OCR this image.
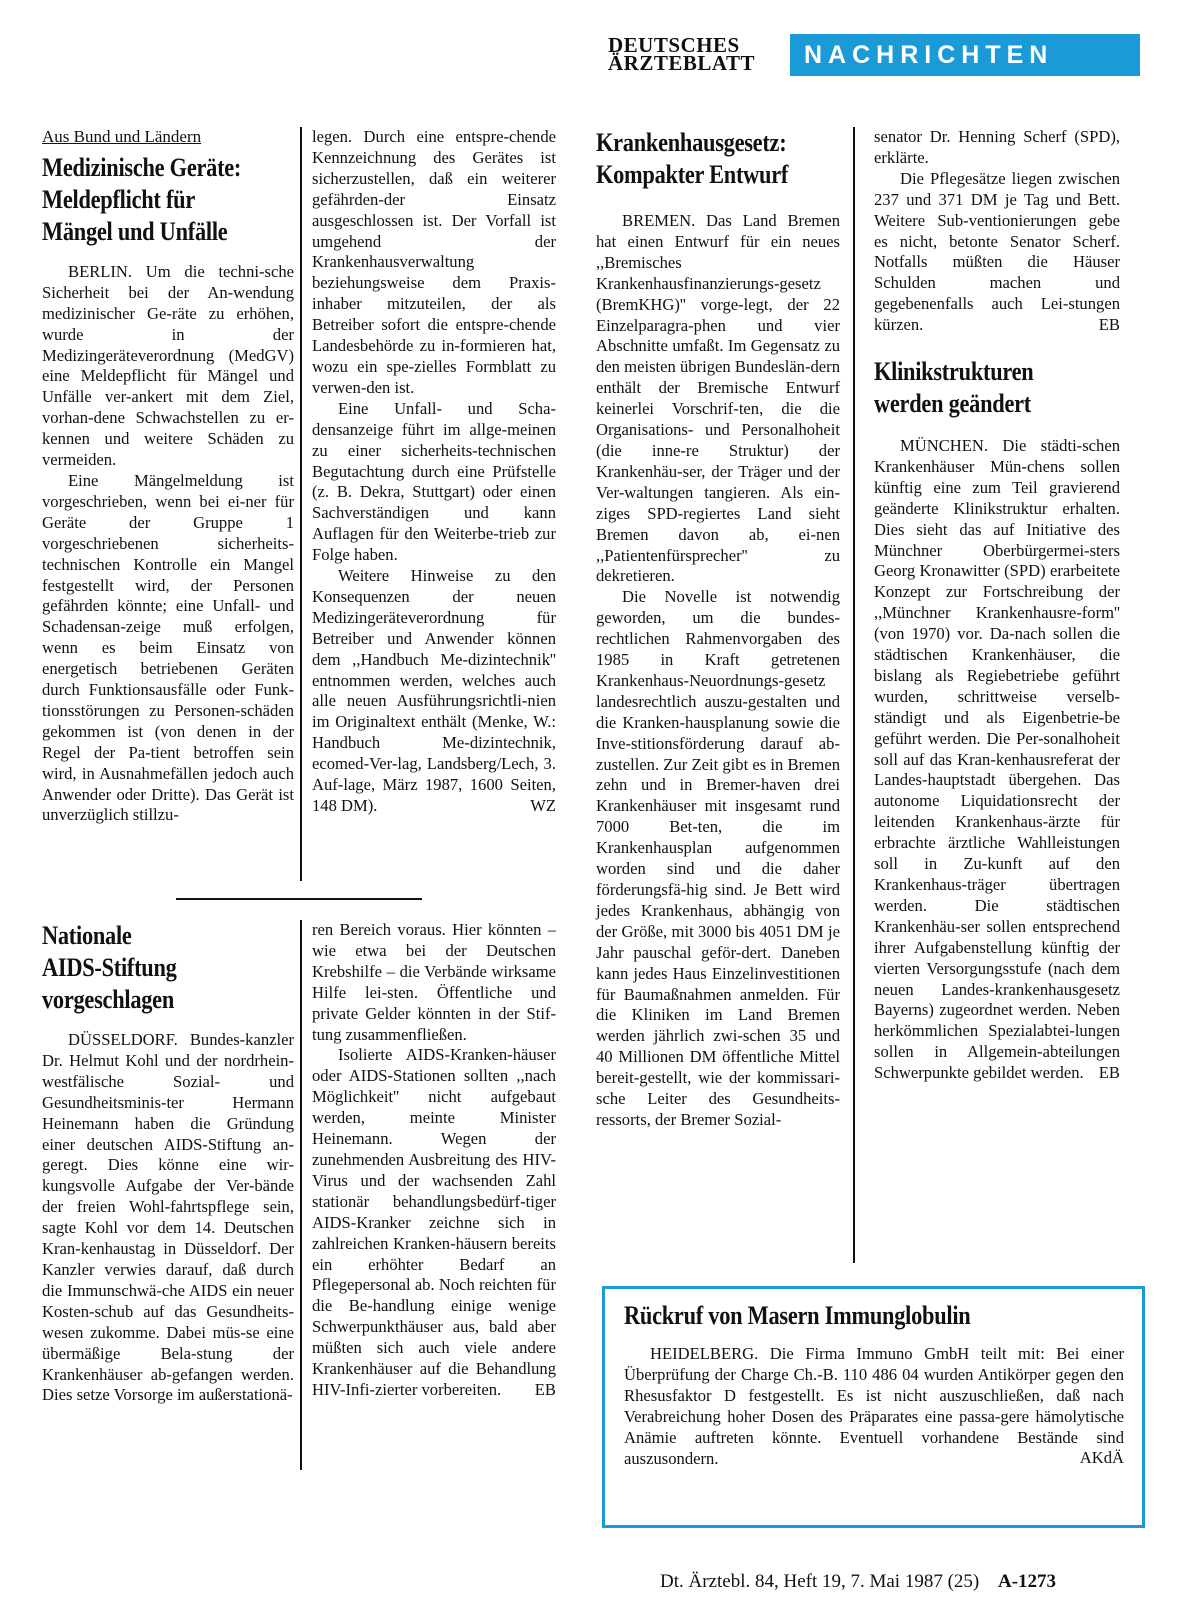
DEUTSCHES
ÄRZTEBLATT	NACHRICHTEN
Aus Bund und Ländern
Medizinische Geräte:
Meldepflicht für
Mängel und Unfälle

BERLIN. Um die techni-sche Sicherheit bei der An-wendung medizinischer Ge-räte zu erhöhen, wurde in der Medizingeräteverordnung (MedGV) eine Meldepflicht für Mängel und Unfälle ver-ankert mit dem Ziel, vorhan-dene Schwachstellen zu er-kennen und weitere Schäden zu vermeiden.

Eine Mängelmeldung ist vorgeschrieben, wenn bei ei-ner für Geräte der Gruppe 1 vorgeschriebenen sicherheits-technischen Kontrolle ein Mangel festgestellt wird, der Personen gefährden könnte; eine Unfall- und Schadensan-zeige muß erfolgen, wenn es beim Einsatz von energetisch betriebenen Geräten durch Funktionsausfälle oder Funk-tionsstörungen zu Personen-schäden gekommen ist (von denen in der Regel der Pa-tient betroffen sein wird, in Ausnahmefällen jedoch auch Anwender oder Dritte). Das Gerät ist unverzüglich stillzu-

legen. Durch eine entspre-chende Kennzeichnung des Gerätes ist sicherzustellen, daß ein weiterer gefährden-der Einsatz ausgeschlossen ist. Der Vorfall ist umgehend der Krankenhausverwaltung beziehungsweise dem Praxis-inhaber mitzuteilen, der als Betreiber sofort die entspre-chende Landesbehörde zu in-formieren hat, wozu ein spe-zielles Formblatt zu verwen-den ist.

Eine Unfall- und Scha-densanzeige führt im allge-meinen zu einer sicherheits-technischen Begutachtung durch eine Prüfstelle (z. B. Dekra, Stuttgart) oder einen Sachverständigen und kann Auflagen für den Weiterbe-trieb zur Folge haben.

Weitere Hinweise zu den Konsequenzen der neuen Medizingeräteverordnung für Betreiber und Anwender können dem ,,Handbuch Me-dizintechnik'' entnommen werden, welches auch alle neuen Ausführungsrichtli-nien im Originaltext enthält (Menke, W.: Handbuch Me-dizintechnik, ecomed-Ver-lag, Landsberg/Lech, 3. Auf-lage, März 1987, 1600 Seiten, 148 DM).	WZ
Nationale
AIDS-Stiftung
vorgeschlagen

DÜSSELDORF. Bundes-kanzler Dr. Helmut Kohl und der nordrhein-westfälische Sozial- und Gesundheitsminis-ter Hermann Heinemann haben die Gründung einer deutschen AIDS-Stiftung an-geregt. Dies könne eine wir-kungsvolle Aufgabe der Ver-bände der freien Wohl-fahrtspflege sein, sagte Kohl vor dem 14. Deutschen Kran-kenhaustag in Düsseldorf. Der Kanzler verwies darauf, daß durch die Immunschwä-che AIDS ein neuer Kosten-schub auf das Gesundheits-wesen zukomme. Dabei müs-se eine übermäßige Bela-stung der Krankenhäuser ab-gefangen werden. Dies setze Vorsorge im außerstationä-

ren Bereich voraus. Hier könnten – wie etwa bei der Deutschen Krebshilfe – die Verbände wirksame Hilfe lei-sten. Öffentliche und private Gelder könnten in der Stif-tung zusammenfließen.

Isolierte AIDS-Kranken-häuser oder AIDS-Stationen sollten ,,nach Möglichkeit'' nicht aufgebaut werden, meinte Minister Heinemann. Wegen der zunehmenden Ausbreitung des HIV-Virus und der wachsenden Zahl stationär behandlungsbedürf-tiger AIDS-Kranker zeichne sich in zahlreichen Kranken-häusern bereits ein erhöhter Bedarf an Pflegepersonal ab. Noch reichten für die Be-handlung einige wenige Schwerpunkthäuser aus, bald aber müßten sich auch viele andere Krankenhäuser auf die Behandlung HIV-Infi-zierter vorbereiten.	EB
Krankenhausgesetz:
Kompakter Entwurf

BREMEN. Das Land Bremen hat einen Entwurf für ein neues ,,Bremisches Krankenhausfinanzierungs-gesetz (BremKHG)'' vorge-legt, der 22 Einzelparagra-phen und vier Abschnitte umfaßt. Im Gegensatz zu den meisten übrigen Bundeslän-dern enthält der Bremische Entwurf keinerlei Vorschrif-ten, die die Organisations- und Personalhoheit (die inne-re Struktur) der Krankenhäu-ser, der Träger und der Ver-waltungen tangieren. Als ein-ziges SPD-regiertes Land sieht Bremen davon ab, ei-nen ,,Patientenfürsprecher'' zu dekretieren.

Die Novelle ist notwendig geworden, um die bundes-rechtlichen Rahmenvorgaben des 1985 in Kraft getretenen Krankenhaus-Neuordnungs-gesetz landesrechtlich auszu-gestalten und die Kranken-hausplanung sowie die Inve-stitionsförderung darauf ab-zustellen. Zur Zeit gibt es in Bremen zehn und in Bremer-haven drei Krankenhäuser mit insgesamt rund 7000 Bet-ten, die im Krankenhausplan aufgenommen worden sind und die daher förderungsfä-hig sind. Je Bett wird jedes Krankenhaus, abhängig von der Größe, mit 3000 bis 4051 DM je Jahr pauschal geför-dert. Daneben kann jedes Haus Einzelinvestitionen für Baumaßnahmen anmelden. Für die Kliniken im Land Bremen werden jährlich zwi-schen 35 und 40 Millionen DM öffentliche Mittel bereit-gestellt, wie der kommissari-sche Leiter des Gesundheits-ressorts, der Bremer Sozial-

senator Dr. Henning Scherf (SPD), erklärte.

Die Pflegesätze liegen zwischen 237 und 371 DM je Tag und Bett. Weitere Sub-ventionierungen gebe es nicht, betonte Senator Scherf. Notfalls müßten die Häuser Schulden machen und gegebenenfalls auch Lei-stungen kürzen.	EB
Klinikstrukturen
werden geändert

MÜNCHEN. Die städti-schen Krankenhäuser Mün-chens sollen künftig eine zum Teil gravierend geänderte Klinikstruktur erhalten. Dies sieht das auf Initiative des Münchner Oberbürgermei-sters Georg Kronawitter (SPD) erarbeitete Konzept zur Fortschreibung der ,,Münchner Krankenhausre-form'' (von 1970) vor. Da-nach sollen die städtischen Krankenhäuser, die bislang als Regiebetriebe geführt wurden, schrittweise verselb-ständigt und als Eigenbetrie-be geführt werden. Die Per-sonalhoheit soll auf das Kran-kenhausreferat der Landes-hauptstadt übergehen. Das autonome Liquidationsrecht der leitenden Krankenhaus-ärzte für erbrachte ärztliche Wahlleistungen soll in Zu-kunft auf den Krankenhaus-träger übertragen werden. Die städtischen Krankenhäu-ser sollen entsprechend ihrer Aufgabenstellung künftig der vierten Versorgungsstufe (nach dem neuen Landes-krankenhausgesetz Bayerns) zugeordnet werden. Neben herkömmlichen Spezialabtei-lungen sollen in Allgemein-abteilungen Schwerpunkte gebildet werden. EB
Rückruf von Masern Immunglobulin

HEIDELBERG. Die Firma Immuno GmbH teilt mit: Bei einer Überprüfung der Charge Ch.-B. 110 486 04 wurden Antikörper gegen den Rhesusfaktor D festgestellt. Es ist nicht auszuschließen, daß nach Verabreichung hoher Dosen des Präparates eine passa-gere hämolytische Anämie auftreten könnte. Eventuell vorhandene Bestände sind auszusondern.	AKdÄ
Dt. Ärztebl. 84, Heft 19, 7. Mai 1987 (25) A-1273
